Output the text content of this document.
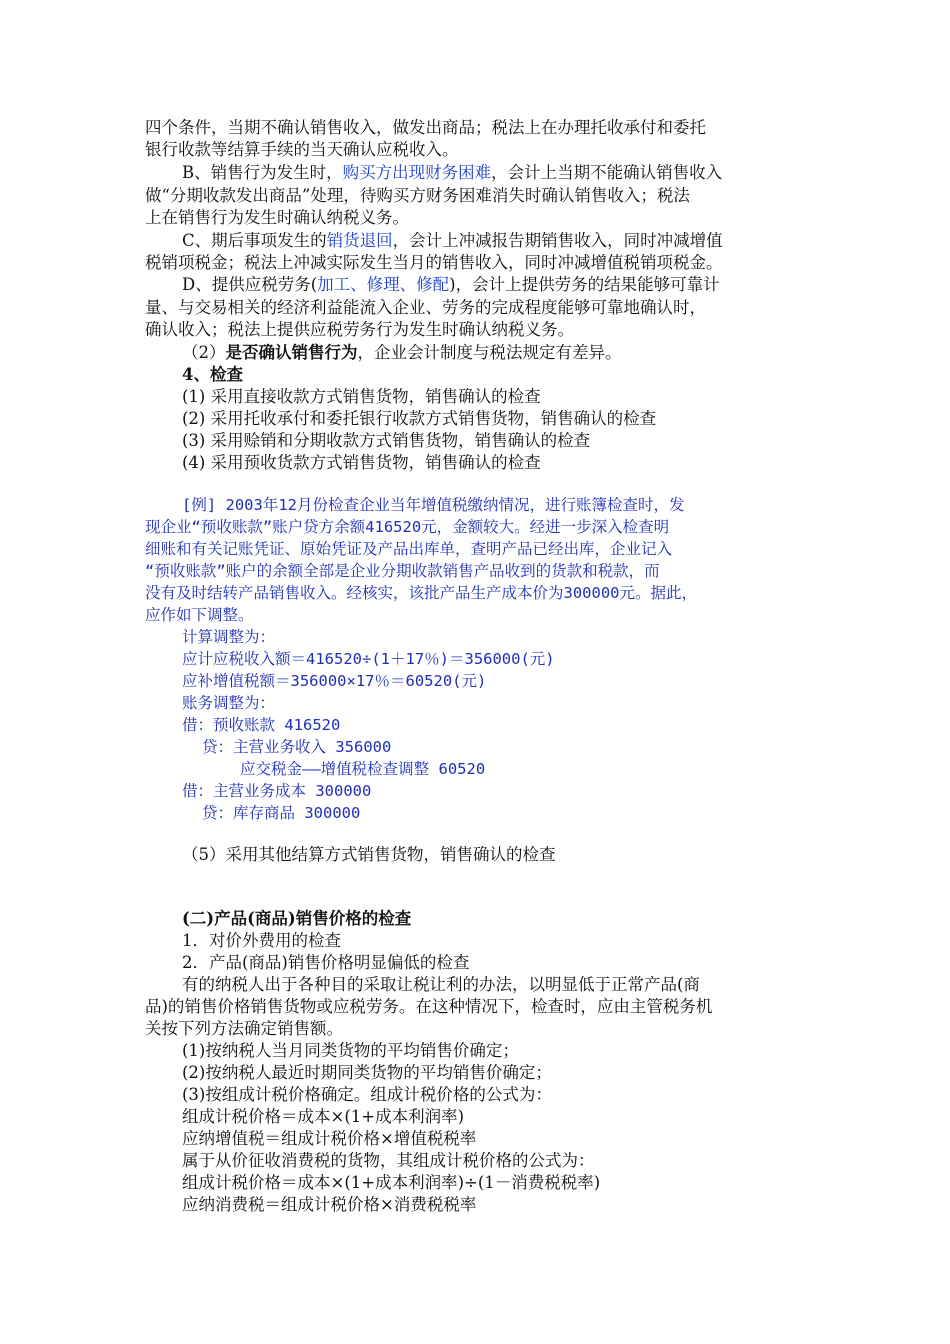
四个条件，当期不确认销售收入，做发出商品；税法上在办理托收承付和委托
银行收款等结算手续的当天确认应税收入。
B、销售行为发生时，购买方出现财务困难，会计上当期不能确认销售收入
做“分期收款发出商品”处理，待购买方财务困难消失时确认销售收入；税法
上在销售行为发生时确认纳税义务。
C、期后事项发生的销货退回，会计上冲减报告期销售收入，同时冲减增值
税销项税金；税法上冲减实际发生当月的销售收入，同时冲减增值税销项税金。
D、提供应税劳务(加工、修理、修配)，会计上提供劳务的结果能够可靠计
量、与交易相关的经济利益能流入企业、劳务的完成程度能够可靠地确认时，
确认收入；税法上提供应税劳务行为发生时确认纳税义务。
（2）是否确认销售行为，企业会计制度与税法规定有差异。
4、检查
(1) 采用直接收款方式销售货物，销售确认的检查
(2) 采用托收承付和委托银行收款方式销售货物，销售确认的检查
(3) 采用赊销和分期收款方式销售货物，销售确认的检查
(4) 采用预收货款方式销售货物，销售确认的检查
[例] 2003年12月份检查企业当年增值税缴纳情况，进行账簿检查时，发
现企业“预收账款”账户贷方余额416520元，金额较大。经进一步深入检查明
细账和有关记账凭证、原始凭证及产品出库单，查明产品已经出库，企业记入
“预收账款”账户的余额全部是企业分期收款销售产品收到的货款和税款，而
没有及时结转产品销售收入。经核实，该批产品生产成本价为300000元。据此，
应作如下调整。
计算调整为：
应计应税收入额＝416520÷(1＋17％)＝356000(元)
应补增值税额＝356000×17％＝60520(元)
账务调整为：
借：预收账款 416520
贷：主营业务收入 356000
应交税金——增值税检查调整 60520
借：主营业务成本 300000
贷：库存商品 300000
（5）采用其他结算方式销售货物，销售确认的检查
(二)产品(商品)销售价格的检查
1．对价外费用的检查
2．产品(商品)销售价格明显偏低的检查
有的纳税人出于各种目的采取让税让利的办法，以明显低于正常产品(商
品)的销售价格销售货物或应税劳务。在这种情况下，检查时，应由主管税务机
关按下列方法确定销售额。
(1)按纳税人当月同类货物的平均销售价确定；
(2)按纳税人最近时期同类货物的平均销售价确定；
(3)按组成计税价格确定。组成计税价格的公式为：
组成计税价格＝成本×(1+成本利润率)
应纳增值税＝组成计税价格×增值税税率
属于从价征收消费税的货物，其组成计税价格的公式为：
组成计税价格＝成本×(1+成本利润率)÷(1－消费税税率)
应纳消费税＝组成计税价格×消费税税率
